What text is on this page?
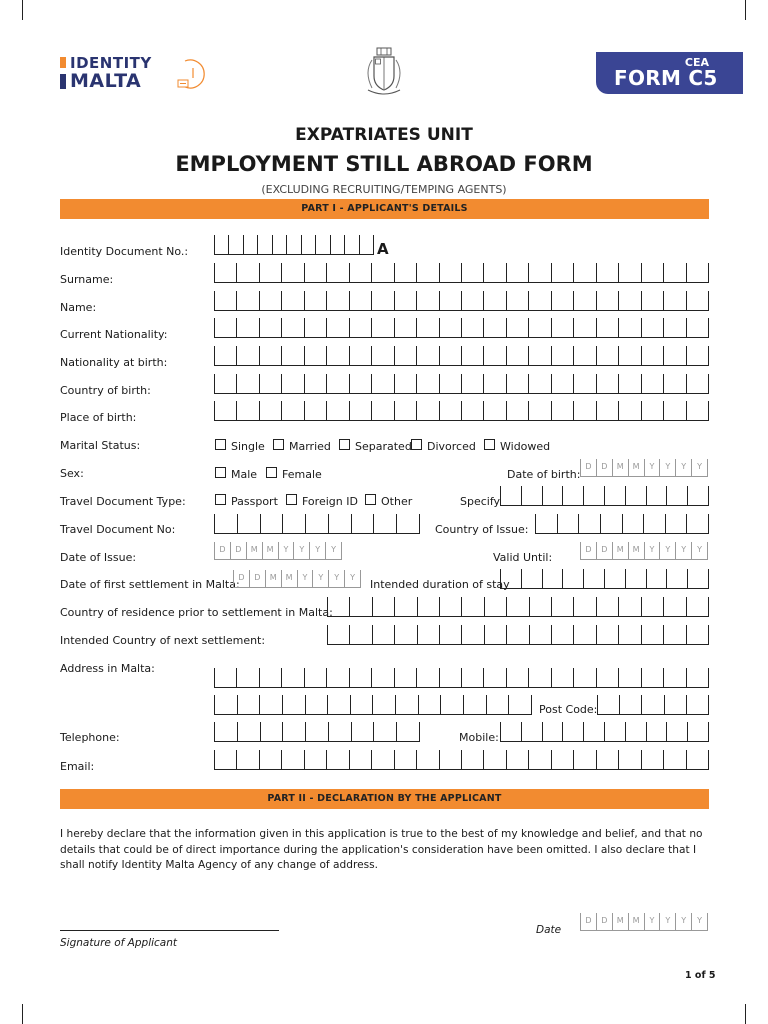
IDENTITY
MALTA
CEA
FORM C5
EXPATRIATES UNIT
EMPLOYMENT STILL ABROAD FORM
(EXCLUDING RECRUITING/TEMPING AGENTS)
PART I - APPLICANT'S DETAILS
Identity Document No.:	A
Surname:
Name:
Current Nationality:
Nationality at birth:
Country of birth:
Place of birth:
Marital Status:	Single Married Separated Divorced Widowed
Sex:	Male Female	Date of birth:
D	D	M	M	Y	Y	Y	Y
Travel Document Type:	Passport Foreign ID Other	Specify
Travel Document No:	Country of Issue:
Date of Issue:
D	D	M	M	Y	Y	Y	Y
Valid Until:
D	D	M	M	Y	Y	Y	Y
Date of first settlement in Malta:
D	D	M	M	Y	Y	Y	Y
Intended duration of stay
Country of residence prior to settlement in Malta:
Intended Country of next settlement:
Address in Malta:
Post Code:
Telephone:	Mobile:
Email:
PART II - DECLARATION BY THE APPLICANT
I hereby declare that the information given in this application is true to the best of my knowledge and belief, and that no details that could be of direct importance during the application's consideration have been omitted. I also declare that I shall notify Identity Malta Agency of any change of address.
Signature of Applicant
Date
D	D	M	M	Y	Y	Y	Y
1 of 5
